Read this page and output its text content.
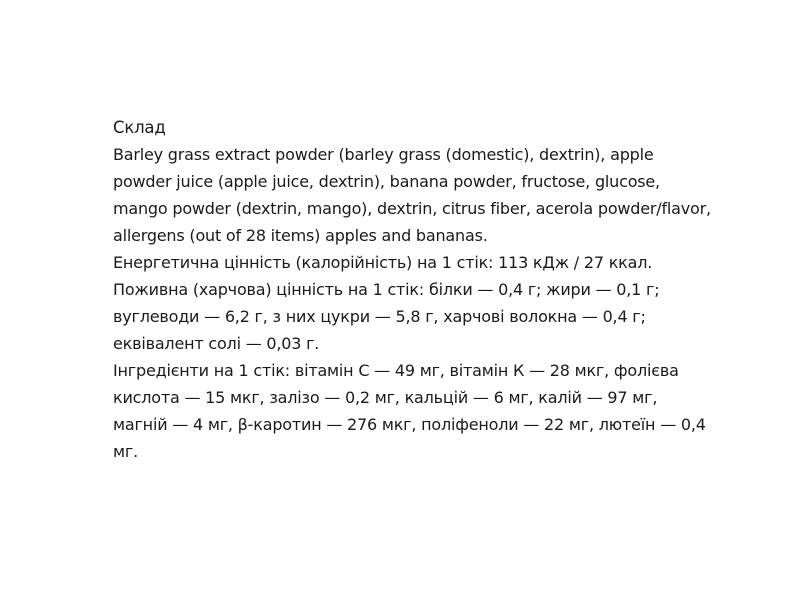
Склад

Barley grass extract powder (barley grass (domestic), dextrin), apple powder juice (apple juice, dextrin), banana powder, fructose, glucose, mango powder (dextrin, mango), dextrin, citrus fiber, acerola powder/flavor, allergens (out of 28 items) apples and bananas.

Енергетична цінність (калорійність) на 1 стік: 113 кДж / 27 ккал.

Поживна (харчова) цінність на 1 стік: білки — 0,4 г; жири — 0,1 г; вуглеводи — 6,2 г, з них цукри — 5,8 г, харчові волокна — 0,4 г; еквівалент солі — 0,03 г.

Інгредієнти на 1 стік: вітамін С — 49 мг, вітамін К — 28 мкг, фолієва кислота — 15 мкг, залізо — 0,2 мг, кальцій — 6 мг, калій — 97 мг, магній — 4 мг, β-каротин — 276 мкг, поліфеноли — 22 мг, лютеїн — 0,4 мг.
